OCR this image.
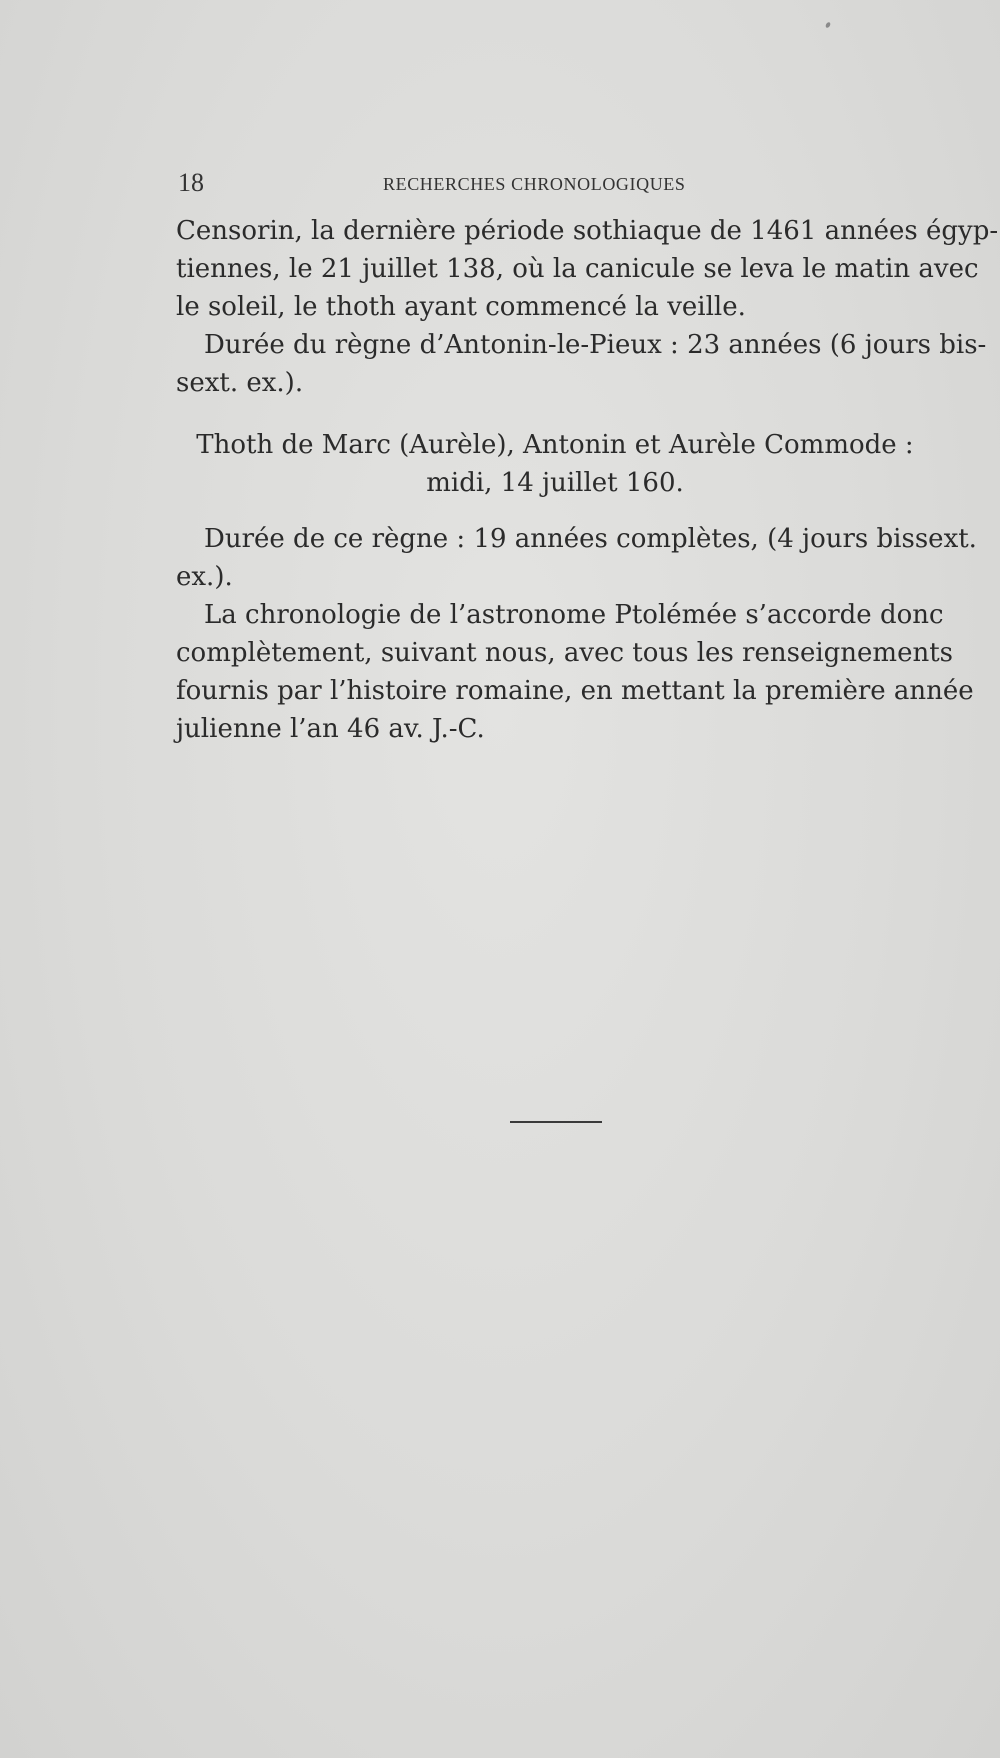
18	RECHERCHES CHRONOLOGIQUES

Censorin, la dernière période sothiaque de 1461 années égyp-
tiennes, le 21 juillet 138, où la canicule se leva le matin avec
le soleil, le thoth ayant commencé la veille.

Durée du règne d’Antonin-le-Pieux : 23 années (6 jours bis-
sext. ex.).

Thoth de Marc (Aurèle), Antonin et Aurèle Commode :
midi, 14 juillet 160.

Durée de ce règne : 19 années complètes, (4 jours bissext.
ex.).

La chronologie de l’astronome Ptolémée s’accorde donc
complètement, suivant nous, avec tous les renseignements
fournis par l’histoire romaine, en mettant la première année
julienne l’an 46 av. J.-C.
